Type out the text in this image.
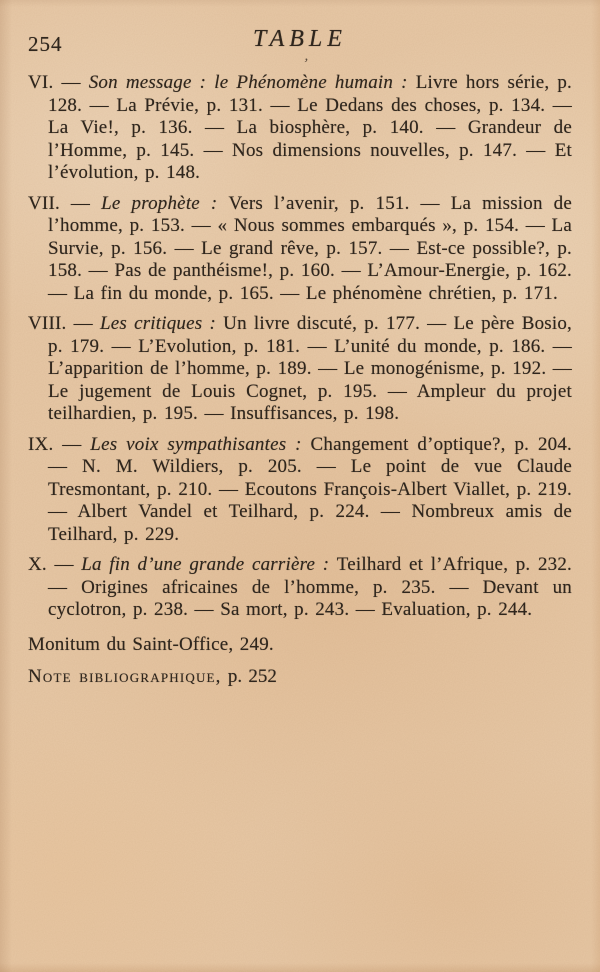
254	TABLE
,

VI. — Son message : le Phénomène humain : Livre hors série, p. 128. — La Prévie, p. 131. — Le Dedans des choses, p. 134. — La Vie!, p. 136. — La biosphère, p. 140. — Grandeur de l’Homme, p. 145. — Nos dimensions nouvelles, p. 147. — Et l’évolution, p. 148.

VII. — Le prophète : Vers l’avenir, p. 151. — La mission de l’homme, p. 153. — « Nous sommes embarqués », p. 154. — La Survie, p. 156. — Le grand rêve, p. 157. — Est-ce possible?, p. 158. — Pas de panthéisme!, p. 160. — L’Amour-Energie, p. 162. — La fin du monde, p. 165. — Le phénomène chrétien, p. 171.

VIII. — Les critiques : Un livre discuté, p. 177. — Le père Bosio, p. 179. — L’Evolution, p. 181. — L’unité du monde, p. 186. — L’apparition de l’homme, p. 189. — Le monogénisme, p. 192. — Le jugement de Louis Cognet, p. 195. — Ampleur du projet teilhardien, p. 195. — Insuffisances, p. 198.

IX. — Les voix sympathisantes : Changement d’optique?, p. 204. — N. M. Wildiers, p. 205. — Le point de vue Claude Tresmontant, p. 210. — Ecoutons François-Albert Viallet, p. 219. — Albert Vandel et Teilhard, p. 224. — Nombreux amis de Teilhard, p. 229.

X. — La fin d’une grande carrière : Teilhard et l’Afrique, p. 232. — Origines africaines de l’homme, p. 235. — Devant un cyclotron, p. 238. — Sa mort, p. 243. — Evaluation, p. 244.

Monitum du Saint-Office, 249.

Note bibliographique, p. 252
